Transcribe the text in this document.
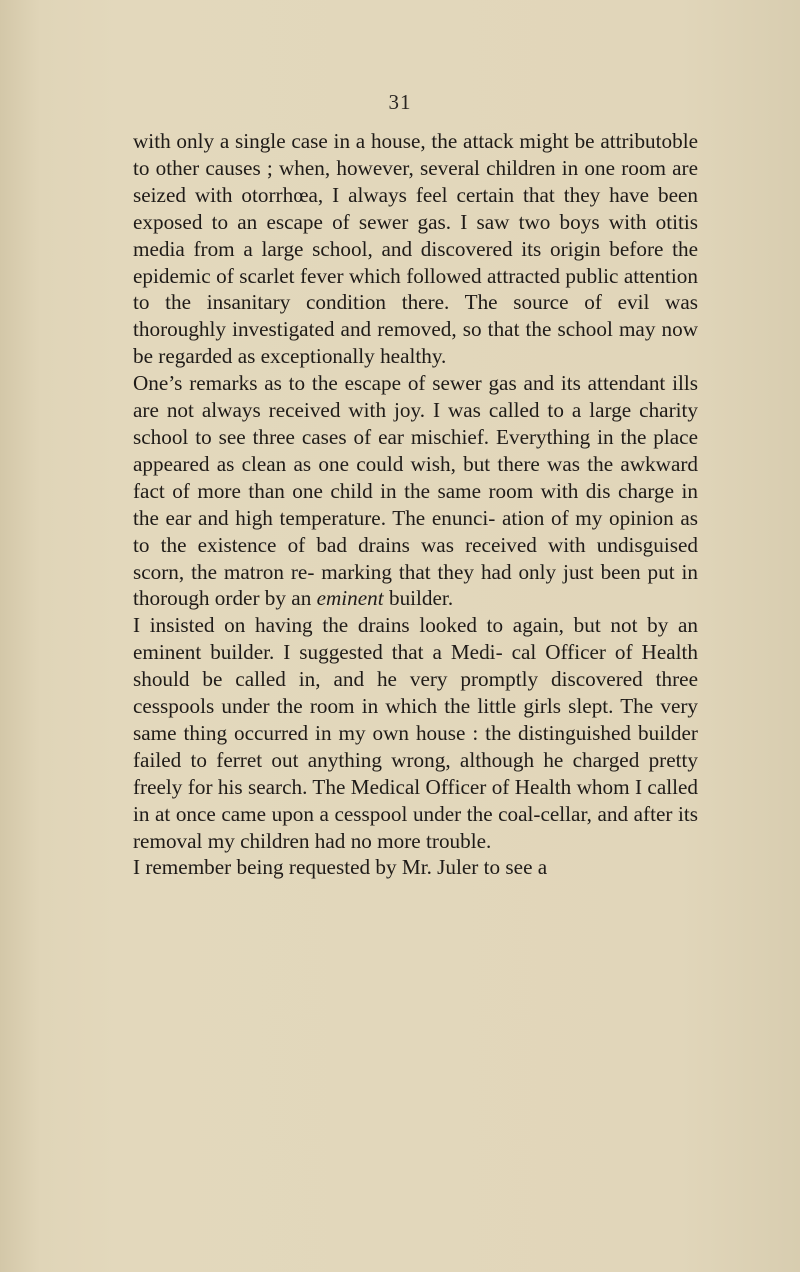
31

with only a single case in a house, the attack might be attributoble to other causes ; when, however, several children in one room are seized with otorrhœa, I always feel certain that they have been exposed to an escape of sewer gas. I saw two boys with otitis media from a large school, and discovered its origin before the epidemic of scarlet fever which followed attracted public attention to the insanitary condition there. The source of evil was thoroughly investigated and removed, so that the school may now be regarded as exceptionally healthy.

One’s remarks as to the escape of sewer gas and its attendant ills are not always received with joy. I was called to a large charity school to see three cases of ear mischief. Everything in the place appeared as clean as one could wish, but there was the awkward fact of more than one child in the same room with dis charge in the ear and high temperature. The enunci- ation of my opinion as to the existence of bad drains was received with undisguised scorn, the matron re- marking that they had only just been put in thorough order by an eminent builder.

I insisted on having the drains looked to again, but not by an eminent builder. I suggested that a Medi- cal Officer of Health should be called in, and he very promptly discovered three cesspools under the room in which the little girls slept. The very same thing occurred in my own house : the distinguished builder failed to ferret out anything wrong, although he charged pretty freely for his search. The Medical Officer of Health whom I called in at once came upon a cesspool under the coal-cellar, and after its removal my children had no more trouble.

I remember being requested by Mr. Juler to see a
